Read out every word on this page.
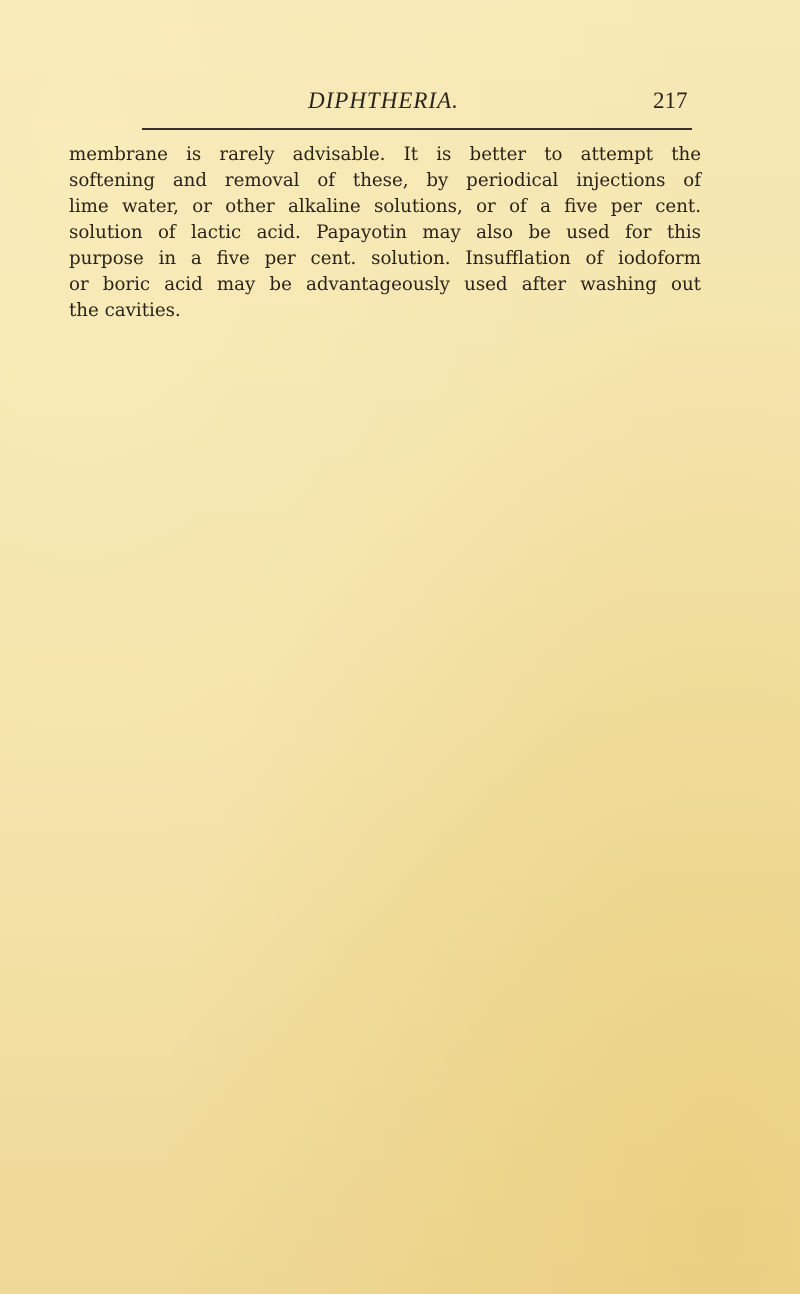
DIPHTHERIA.	217
membrane is rarely advisable. It is better to attempt the
softening and removal of these, by periodical injections of
lime water, or other alkaline solutions, or of a five per cent.
solution of lactic acid. Papayotin may also be used for this
purpose in a five per cent. solution. Insufflation of iodoform
or boric acid may be advantageously used after washing out
the cavities.
